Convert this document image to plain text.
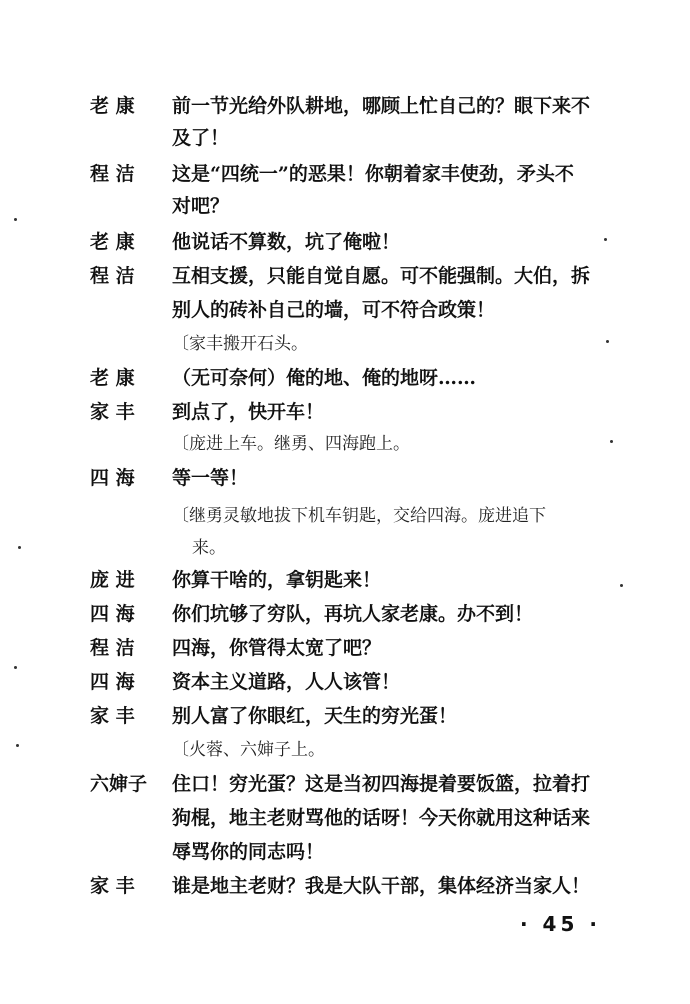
老 康	前一节光给外队耕地，哪顾上忙自己的？眼下来不
及了！
程 洁	这是“四统一”的恶果！你朝着家丰使劲，矛头不
对吧？
老 康	他说话不算数，坑了俺啦！
程 洁	互相支援，只能自觉自愿。可不能强制。大伯，拆
别人的砖补自己的墙，可不符合政策！
〔家丰搬开石头。
老 康	（无可奈何）俺的地、俺的地呀……
家 丰	到点了，快开车！
〔庞进上车。继勇、四海跑上。
四 海	等一等！
〔继勇灵敏地拔下机车钥匙，交给四海。庞进追下
来。
庞 进	你算干啥的，拿钥匙来！
四 海	你们坑够了穷队，再坑人家老康。办不到！
程 洁	四海，你管得太宽了吧？
四 海	资本主义道路，人人该管！
家 丰	别人富了你眼红，天生的穷光蛋！
〔火蓉、六婶子上。
六婶子	住口！穷光蛋？这是当初四海提着要饭篮，拉着打
狗棍，地主老财骂他的话呀！今天你就用这种话来
辱骂你的同志吗！
家 丰	谁是地主老财？我是大队干部，集体经济当家人！
· 45 ·
